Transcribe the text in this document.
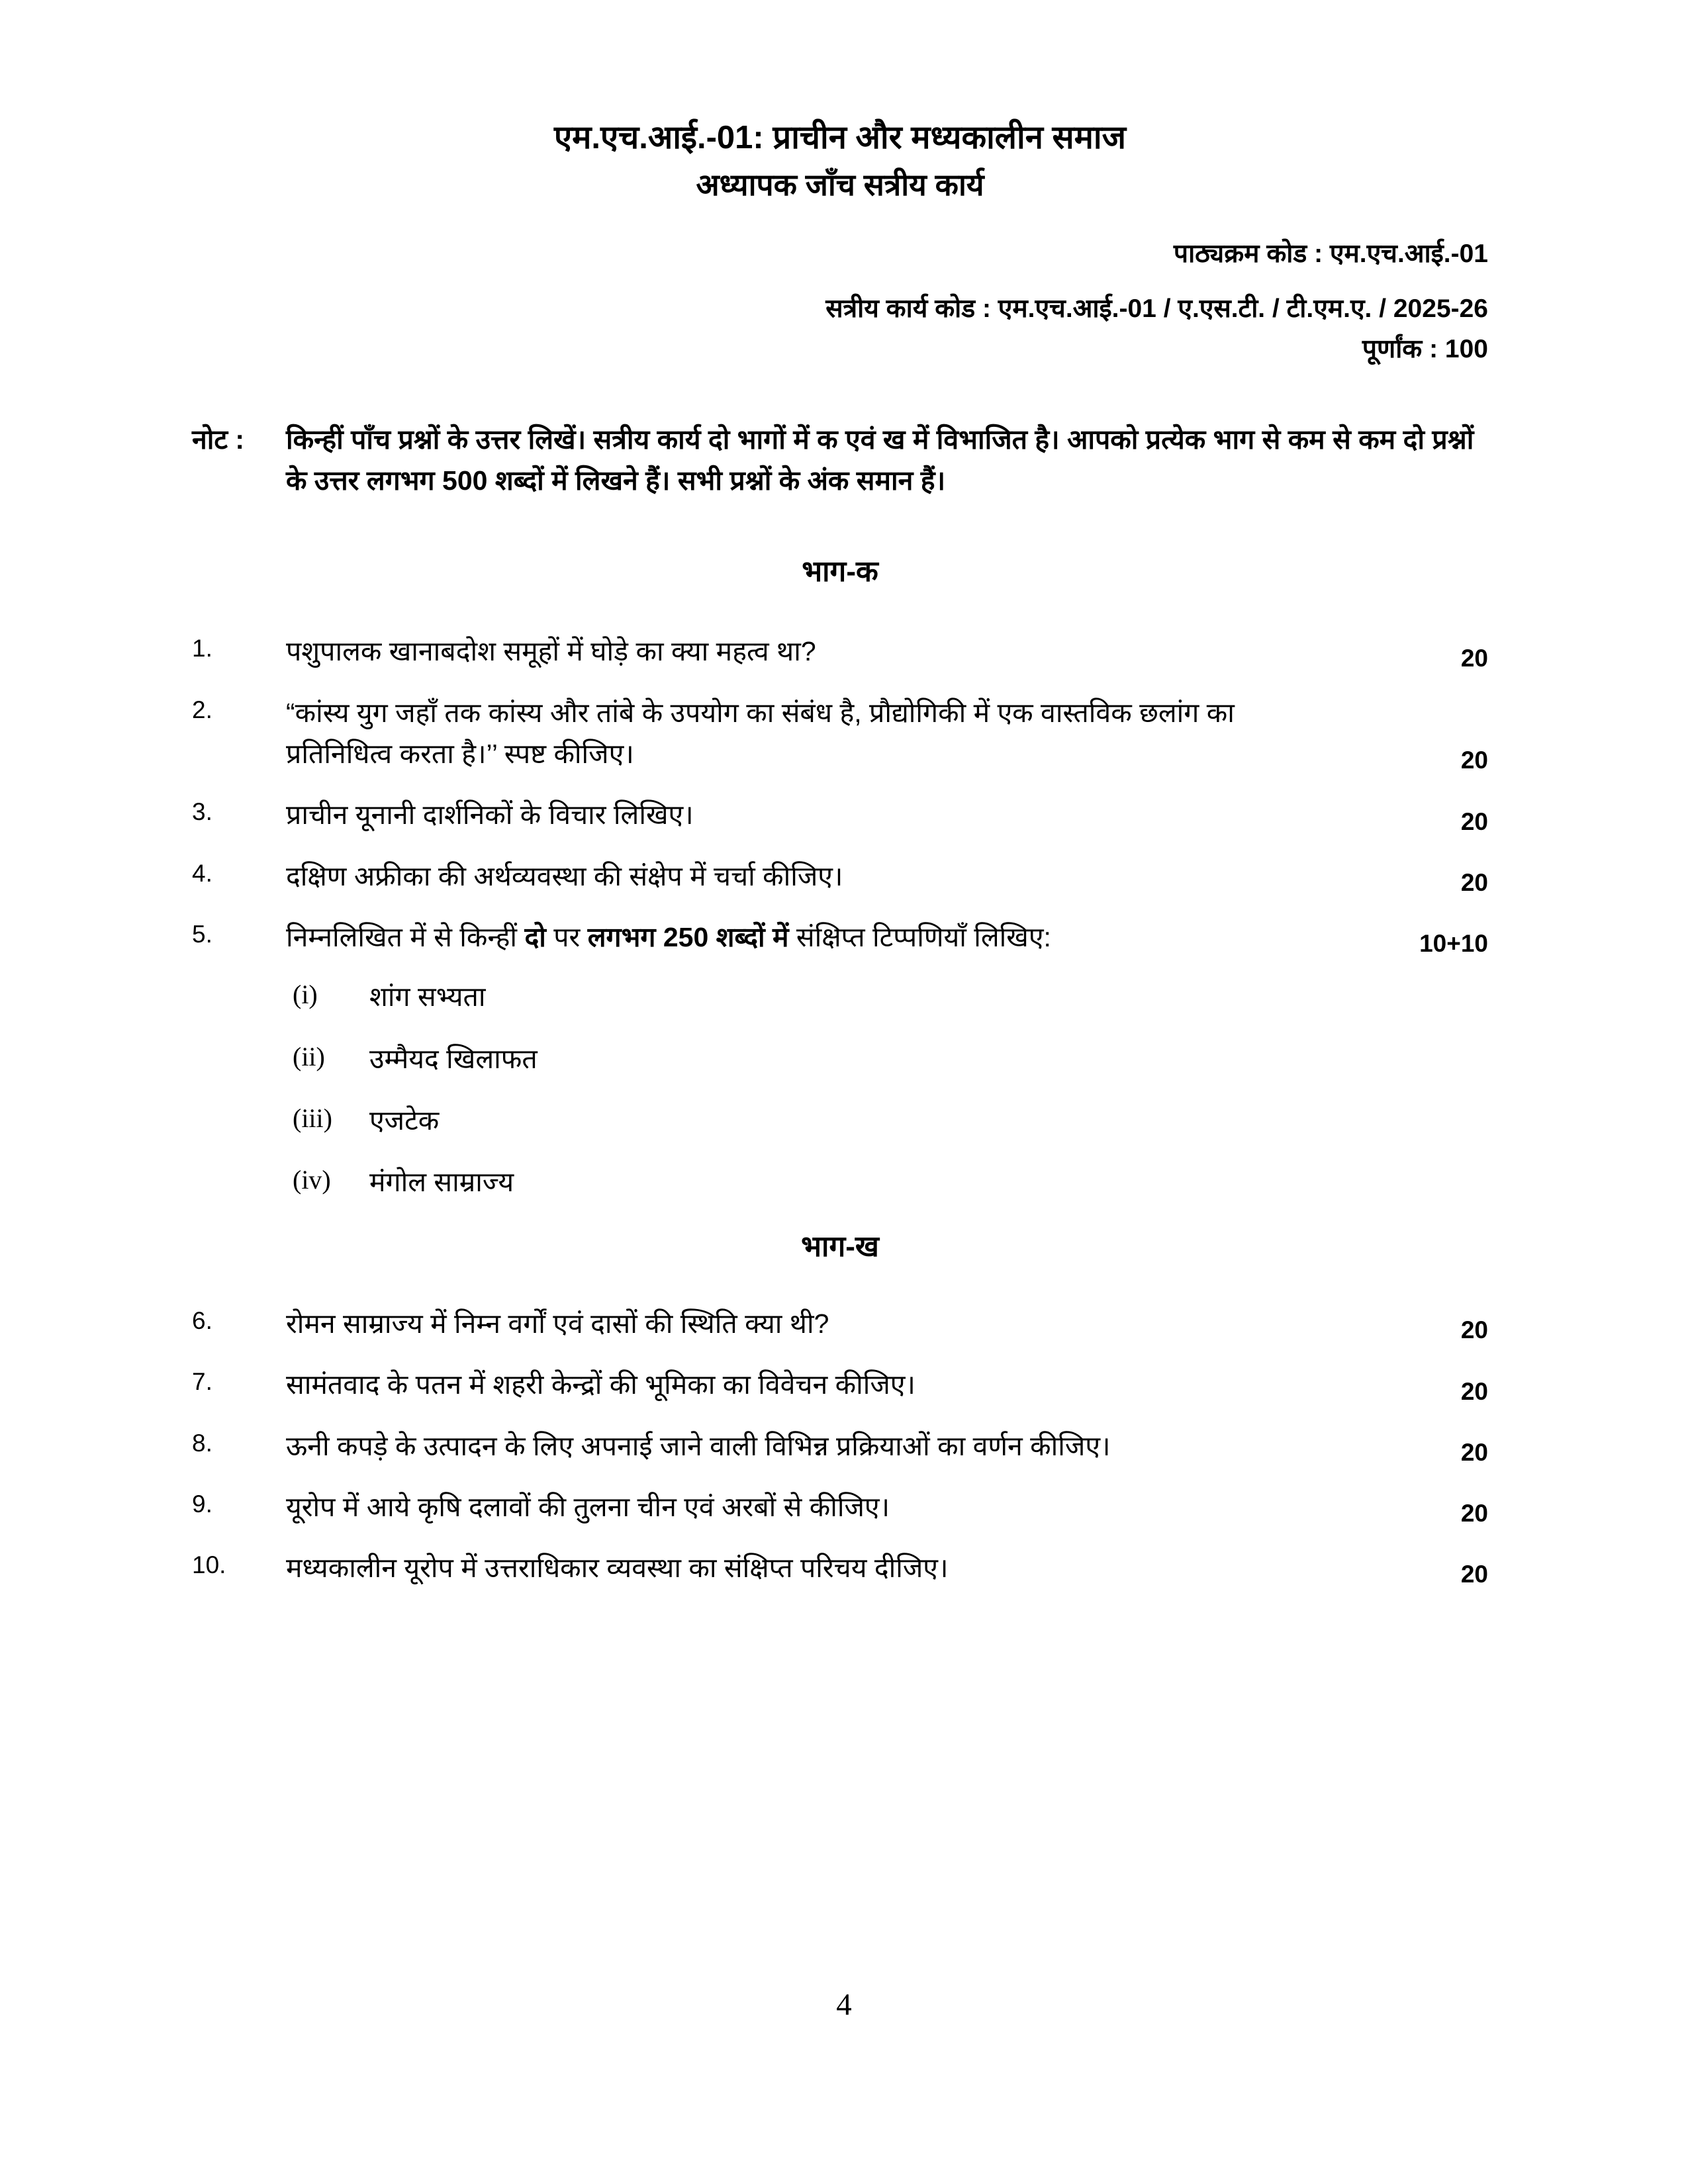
एम.एच.आई.-01: प्राचीन और मध्यकालीन समाज
अध्यापक जाँच सत्रीय कार्य
पाठ्यक्रम कोड : एम.एच.आई.-01
सत्रीय कार्य कोड : एम.एच.आई.-01 / ए.एस.टी. / टी.एम.ए. / 2025-26
पूर्णांक : 100
नोट :	किन्हीं पाँच प्रश्नों के उत्तर लिखें। सत्रीय कार्य दो भागों में क एवं ख में विभाजित है। आपको प्रत्येक भाग से कम से कम दो प्रश्नों के उत्तर लगभग 500 शब्दों में लिखने हैं। सभी प्रश्नों के अंक समान हैं।
भाग-क
1.	पशुपालक खानाबदोश समूहों में घोड़े का क्या महत्व था?	20
2.	“कांस्य युग जहाँ तक कांस्य और तांबे के उपयोग का संबंध है, प्रौद्योगिकी में एक वास्तविक छलांग का प्रतिनिधित्व करता है।’’ स्पष्ट कीजिए।	20
3.	प्राचीन यूनानी दार्शनिकों के विचार लिखिए।	20
4.	दक्षिण अफ्रीका की अर्थव्यवस्था की संक्षेप में चर्चा कीजिए।	20
5.	निम्नलिखित में से किन्हीं दो पर लगभग 250 शब्दों में संक्षिप्त टिप्पणियाँ लिखिए:	10+10
(i)	शांग सभ्यता
(ii)	उम्मैयद खिलाफत
(iii)	एजटेक
(iv)	मंगोल साम्राज्य
भाग-ख
6.	रोमन साम्राज्य में निम्न वर्गों एवं दासों की स्थिति क्या थी?	20
7.	सामंतवाद के पतन में शहरी केन्द्रों की भूमिका का विवेचन कीजिए।	20
8.	ऊनी कपड़े के उत्पादन के लिए अपनाई जाने वाली विभिन्न प्रक्रियाओं का वर्णन कीजिए।	20
9.	यूरोप में आये कृषि दलावों की तुलना चीन एवं अरबों से कीजिए।	20
10.	मध्यकालीन यूरोप में उत्तराधिकार व्यवस्था का संक्षिप्त परिचय दीजिए।	20
4
